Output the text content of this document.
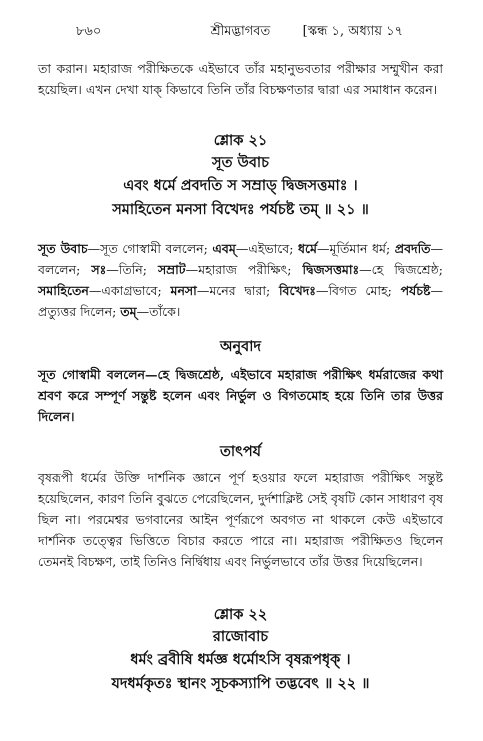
৮৬০	শ্রীমদ্ভাগবত [স্কন্ধ ১, অধ্যায় ১৭

তা করান। মহারাজ পরীক্ষিতকে এইভাবে তাঁর মহানুভবতার পরীক্ষার সম্মুখীন করা হয়েছিল। এখন দেখা যাক্‌ কিভাবে তিনি তাঁর বিচক্ষণতার দ্বারা এর সমাধান করেন।

শ্লোক ২১
সূত উবাচ
এবং ধর্মে প্রবদতি স সম্রাড্ দ্বিজসত্তমাঃ ।
সমাহিতেন মনসা বিখেদঃ পর্যচষ্ট তম্‌ ॥ ২১ ॥

সূত উবাচ—সূত গোস্বামী বললেন; এবম্‌—এইভাবে; ধর্মে—মূর্তিমান ধর্ম; প্রবদতি—বললেন; সঃ—তিনি; সম্রাট—মহারাজ পরীক্ষিৎ; দ্বিজসত্তমাঃ—হে দ্বিজশ্রেষ্ঠ; সমাহিতেন—একাগ্রভাবে; মনসা—মনের দ্বারা; বিখেদঃ—বিগত মোহ; পর্যচষ্ট—প্রত্যুত্তর দিলেন; তম্‌—তাঁকে।

অনুবাদ

সূত গোস্বামী বললেন—হে দ্বিজশ্রেষ্ঠ, এইভাবে মহারাজ পরীক্ষিৎ ধর্মরাজের কথা শ্রবণ করে সম্পূর্ণ সন্তুষ্ট হলেন এবং নির্ভুল ও বিগতমোহ হয়ে তিনি তার উত্তর দিলেন।

তাৎপর্য

বৃষরূপী ধর্মের উক্তি দার্শনিক জ্ঞানে পূর্ণ হওয়ার ফলে মহারাজ পরীক্ষিৎ সন্তুষ্ট হয়েছিলেন, কারণ তিনি বুঝতে পেরেছিলেন, দুর্দশাক্লিষ্ট সেই বৃষটি কোন সাধারণ বৃষ ছিল না। পরমেশ্বর ভগবানের আইন পূর্ণরূপে অবগত না থাকলে কেউ এইভাবে দার্শনিক তত্ত্বের ভিত্তিতে বিচার করতে পারে না। মহারাজ পরীক্ষিতও ছিলেন তেমনই বিচক্ষণ, তাই তিনিও নির্দ্বিধায় এবং নির্ভুলভাবে তাঁর উত্তর দিয়েছিলেন।

শ্লোক ২২
রাজোবাচ
ধর্মং ব্রবীষি ধর্মজ্ঞ ধর্মোঽসি বৃষরূপধৃক্‌ ।
যদধর্মকৃতঃ স্থানং সূচকস্যাপি তদ্ভবেৎ ॥ ২২ ॥
